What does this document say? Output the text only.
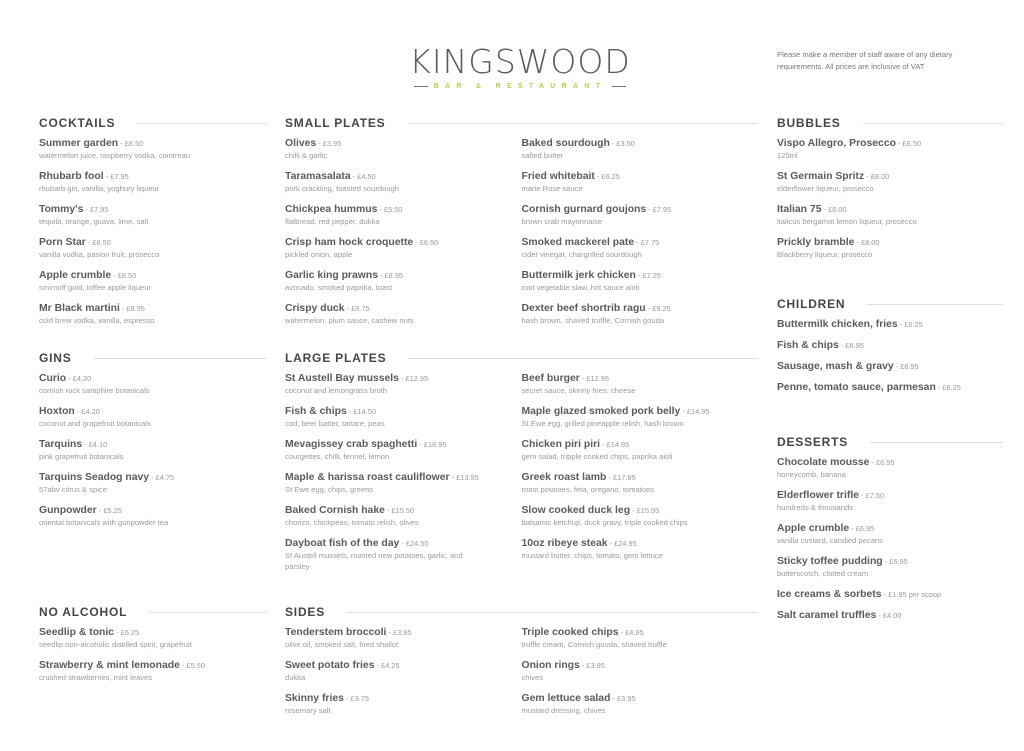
KINGSWOOD
BAR & RESTAURANT
Please make a member of staff aware of any dietary requirements. All prices are inclusive of VAT
COCKTAILS
Summer garden - £8.50
watermelon juice, raspberry vodka, cointreau
Rhubarb fool - £7.95
rhubarb gin, vanilla, yoghury liqueur
Tommy's - £7.95
tequila, orange, guava, lime, salt
Porn Star - £8.50
vanilla vodka, pasion fruit, prosecco
Apple crumble - £8.50
smirnoff gold, toffee apple liqueur
Mr Black martini - £8.95
cold brew vodka, vanilla, espresso
SMALL PLATES
Olives - £3.95
chilli & garlic
Taramasalata - £4.50
pork crackling, toasted sourdough
Chickpea hummus - £5.50
flatbread, red pepper, dukka
Crisp ham hock croquette - £6.50
pickled onion, apple
Garlic king prawns - £8.95
avocado, smoked paprika, toast
Crispy duck - £8.75
watermelon, plum sauce, cashew nuts
Baked sourdough - £3.50
salted butter
Fried whitebait - £6.25
marie Rose sauce
Cornish gurnard goujons - £7.95
brown crab mayonnaise
Smoked mackerel pate - £7.75
cider vinegar, chargrilled sourdough
Buttermilk jerk chicken - £7.25
root vegetable slaw, hot sauce aioli
Dexter beef shortrib ragu - £9.25
hash brown, shaved truffle, Cornish gouda
BUBBLES
Vispo Allegro, Prosecco - £6.50
125ml
St Germain Spritz - £8.00
elderflower liqueur, prosecco
Italian 75 - £8.00
italicus bergamot lemon liqueur, prosecco
Prickly bramble - £8.00
Blackberry liqueur, prosecco
GINS
Curio - £4.20
cornish rock samphire botanicals
Hoxton - £4.20
coconut and grapefruit botanicals
Tarquins - £4.10
pink grapefruit botanicals
Tarquins Seadog navy - £4.75
57abv citrus & spice
Gunpowder - £5.25
oriental botanicals with gunpowder tea
LARGE PLATES
St Austell Bay mussels - £12.95
coconut and lemongrass broth
Fish & chips - £14.50
cod, beer batter, tartare, peas
Mevagissey crab spaghetti - £18.95
courgettes, chilli, fennel, lemon
Maple & harissa roast cauliflower - £13.95
St Ewe egg, chips, greens
Baked Cornish hake - £15.50
chorizo, chickpeas, tomato relish, olives
Dayboat fish of the day - £24.50
St Austell mussels, roasted new potatoes, garlic, and parsley
Beef burger - £12.95
secret sauce, skinny fries, cheese
Maple glazed smoked pork belly - £14.95
St Ewe egg, grilled pineapple relish, hash brown
Chicken piri piri - £14.95
gem salad, tripple cooked chips, paprika aioli
Greek roast lamb - £17.95
roast potatoes, feta, oregano, tomatoes
Slow cooked duck leg - £15.95
balsamic ketchup, duck gravy, triple cooked chips
10oz ribeye steak - £24.95
mustard butter, chips, tomato, gem lettuce
CHILDREN
Buttermilk chicken, fries - £6.25
Fish & chips - £6.95
Sausage, mash & gravy - £6.95
Penne, tomato sauce, parmesan - £6.25
DESSERTS
Chocolate mousse - £6.95
honeycomb, banana
Elderflower trifle - £7.50
hundreds & thousands
Apple crumble - £6.95
vanilla custard, candied pecans
Sticky toffee pudding - £6.95
butterscotch, clotted cream
Ice creams & sorbets - £1.95 per scoop
Salt caramel truffles - £4.00
NO ALCOHOL
Seedlip & tonic - £6.25
seedlip non-alcoholic distilled spirit, grapefruit
Strawberry & mint lemonade - £5.50
crushed strawberries, mint leaves
SIDES
Tenderstem broccoli - £3.95
olive oil, smoked salt, fried shallot
Sweet potato fries - £4.25
dukka
Skinny fries - £3.75
rosemary salt
Triple cooked chips - £4.95
truffle cream, Cornish gouda, shaved truffle
Onion rings - £3.95
chives
Gem lettuce salad - £3.95
mustard dressing, chives
